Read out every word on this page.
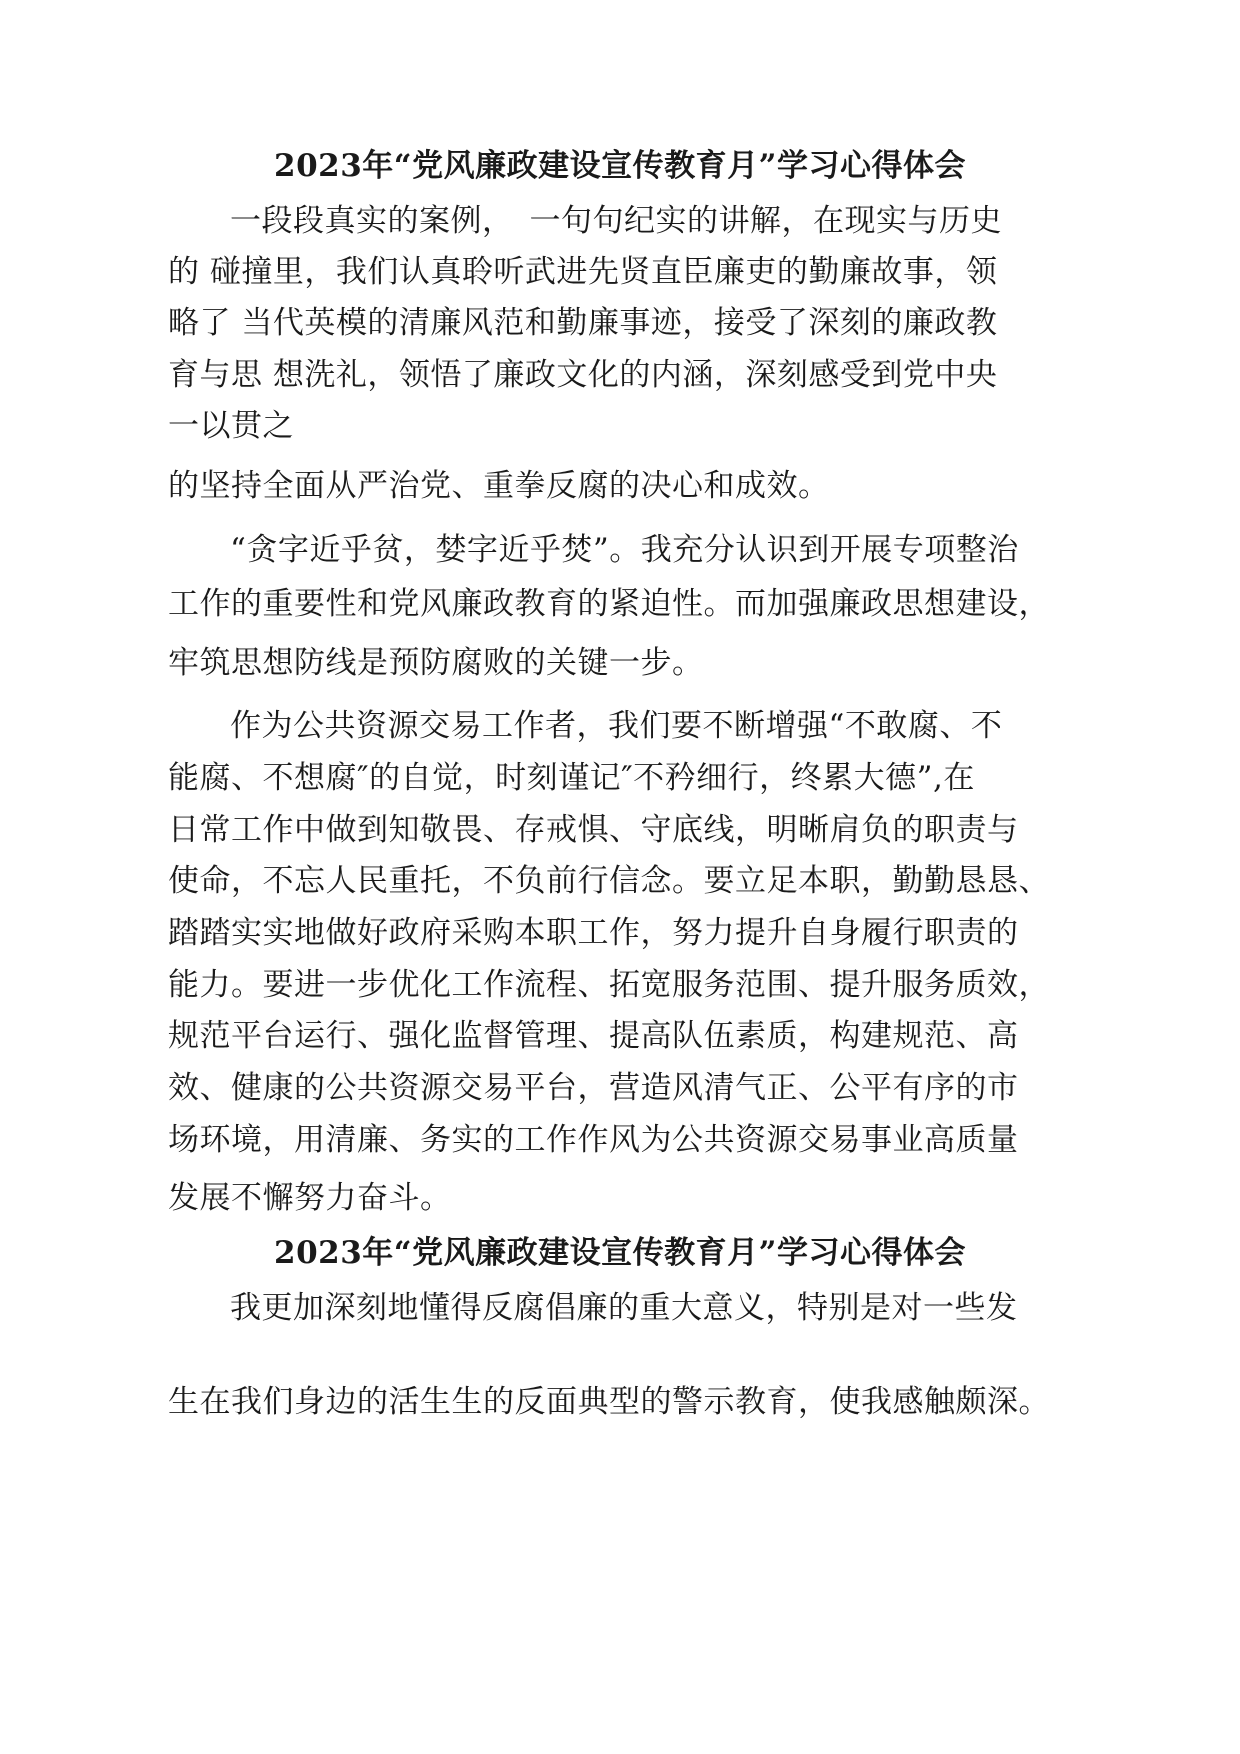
2023年“党风廉政建设宣传教育月”学习心得体会
一段段真实的案例，　一句句纪实的讲解，在现实与历史
的 碰撞里，我们认真聆听武进先贤直臣廉吏的勤廉故事，领
略了 当代英模的清廉风范和勤廉事迹，接受了深刻的廉政教
育与思 想洗礼，领悟了廉政文化的内涵，深刻感受到党中央
一以贯之
的坚持全面从严治党、重拳反腐的决心和成效。
“贪字近乎贫，婪字近乎焚”。我充分认识到开展专项整治
工作的重要性和党风廉政教育的紧迫性。而加强廉政思想建设，
牢筑思想防线是预防腐败的关键一步。
作为公共资源交易工作者，我们要不断增强“不敢腐、不
能腐、不想腐″的自觉，时刻谨记″不矜细行，终累大德”,在
日常工作中做到知敬畏、存戒惧、守底线，明晰肩负的职责与
使命，不忘人民重托，不负前行信念。要立足本职，勤勤恳恳、
踏踏实实地做好政府采购本职工作，努力提升自身履行职责的
能力。要进一步优化工作流程、拓宽服务范围、提升服务质效，
规范平台运行、强化监督管理、提高队伍素质，构建规范、高
效、健康的公共资源交易平台，营造风清气正、公平有序的市
场环境，用清廉、务实的工作作风为公共资源交易事业高质量
发展不懈努力奋斗。
2023年“党风廉政建设宣传教育月”学习心得体会
我更加深刻地懂得反腐倡廉的重大意义，特别是对一些发
生在我们身边的活生生的反面典型的警示教育，使我感触颇深。
